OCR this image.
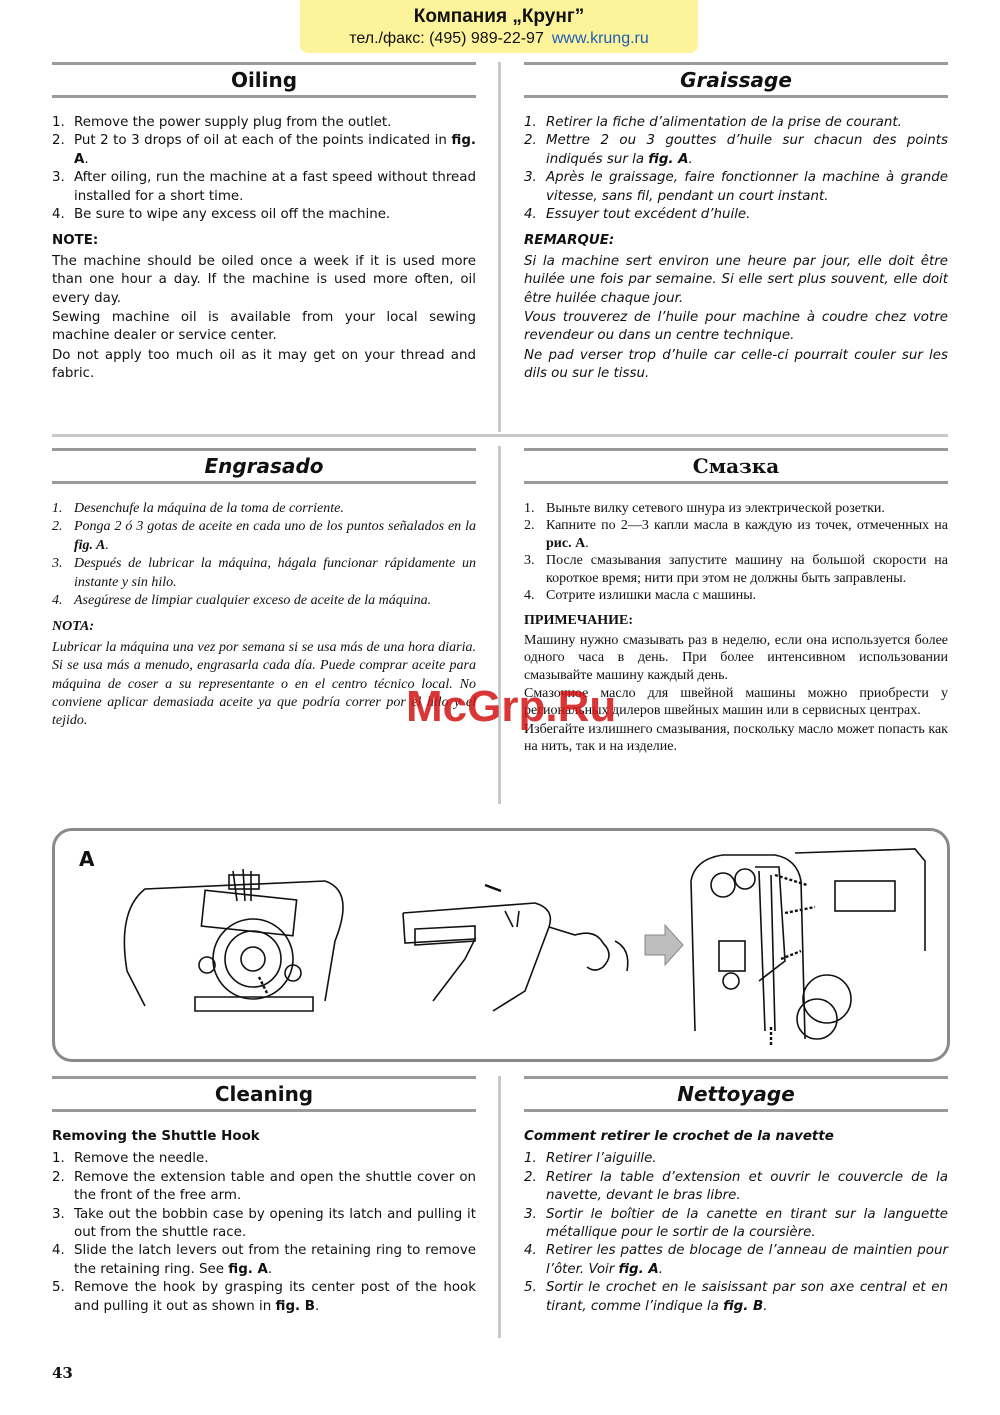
Компания „Крунг”
тел./факс: (495) 989-22-97 www.krung.ru
Oiling
1. Remove the power supply plug from the outlet.
2. Put 2 to 3 drops of oil at each of the points indicated in fig. A.
3. After oiling, run the machine at a fast speed without thread installed for a short time.
4. Be sure to wipe any excess oil off the machine.
NOTE:

The machine should be oiled once a week if it is used more than one hour a day. If the machine is used more often, oil every day.

Sewing machine oil is available from your local sewing machine dealer or service center.

Do not apply too much oil as it may get on your thread and fabric.

Graissage
1. Retirer la fiche d’alimentation de la prise de courant.
2. Mettre 2 ou 3 gouttes d’huile sur chacun des points indiqués sur la fig. A.
3. Après le graissage, faire fonctionner la machine à grande vitesse, sans fil, pendant un court instant.
4. Essuyer tout excédent d’huile.
REMARQUE:

Si la machine sert environ une heure par jour, elle doit être huilée une fois par semaine. Si elle sert plus souvent, elle doit être huilée chaque jour.

Vous trouverez de l’huile pour machine à coudre chez votre revendeur ou dans un centre technique.

Ne pad verser trop d’huile car celle-ci pourrait couler sur les dils ou sur le tissu.

Engrasado
1. Desenchufe la máquina de la toma de corriente.
2. Ponga 2 ó 3 gotas de aceite en cada uno de los puntos señalados en la fig. A.
3. Después de lubricar la máquina, hágala funcionar rápidamente un instante y sin hilo.
4. Asegúrese de limpiar cualquier exceso de aceite de la máquina.
NOTA:

Lubricar la máquina una vez por semana si se usa más de una hora diaria. Si se usa más a menudo, engrasarla cada día. Puede comprar aceite para máquina de coser a su representante o en el centro técnico local. No conviene aplicar demasiada aceite ya que podría correr por el hilo y el tejido.

Смазка
1. Выньте вилку сетевого шнура из электрической розетки.
2. Капните по 2—3 капли масла в каждую из точек, отмеченных на рис. А.
3. После смазывания запустите машину на большой скорости на короткое время; нити при этом не должны быть заправлены.
4. Сотрите излишки масла с машины.
ПРИМЕЧАНИЕ:

Машину нужно смазывать раз в неделю, если она используется более одного часа в день. При более интенсивном использовании смазывайте машину каждый день.

Смазочное масло для швейной машины можно приобрести у региональных дилеров швейных машин или в сервисных центрах.

Избегайте излишнего смазывания, поскольку масло может попасть как на нить, так и на изделие.

McGrp.Ru
A
Cleaning
Removing the Shuttle Hook
1. Remove the needle.
2. Remove the extension table and open the shuttle cover on the front of the free arm.
3. Take out the bobbin case by opening its latch and pulling it out from the shuttle race.
4. Slide the latch levers out from the retaining ring to remove the retaining ring. See fig. A.
5. Remove the hook by grasping its center post of the hook and pulling it out as shown in fig. B.
Nettoyage
Comment retirer le crochet de la navette
1. Retirer l’aiguille.
2. Retirer la table d’extension et ouvrir le couvercle de la navette, devant le bras libre.
3. Sortir le boîtier de la canette en tirant sur la languette métallique pour le sortir de la coursière.
4. Retirer les pattes de blocage de l’anneau de maintien pour l’ôter. Voir fig. A.
5. Sortir le crochet en le saisissant par son axe central et en tirant, comme l’indique la fig. B.
43
